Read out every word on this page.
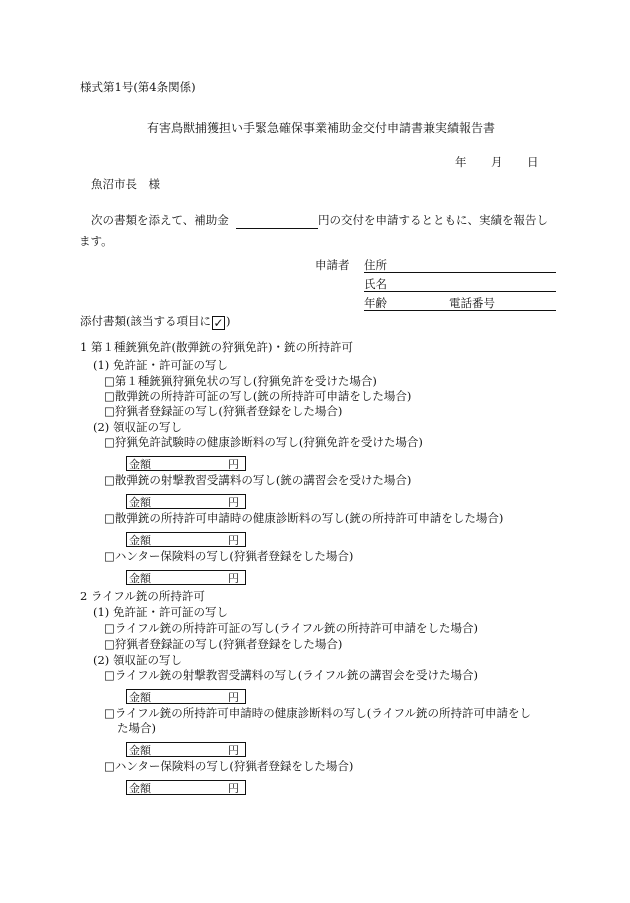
様式第1号(第4条関係)
有害鳥獣捕獲担い手緊急確保事業補助金交付申請書兼実績報告書
年 月 日
魚沼市長　様
次の書類を添えて、補助金	円の交付を申請するとともに、実績を報告し
ます。
申請者 住所
氏名
年齢	電話番号
添付書類(該当する項目に ✓ )
1 第１種銃猟免許(散弾銃の狩猟免許)・銃の所持許可
(1) 免許証・許可証の写し
□第１種銃猟狩猟免状の写し(狩猟免許を受けた場合)
□散弾銃の所持許可証の写し(銃の所持許可申請をした場合)
□狩猟者登録証の写し(狩猟者登録をした場合)
(2) 領収証の写し
□狩猟免許試験時の健康診断料の写し(狩猟免許を受けた場合)
金額	円
□散弾銃の射撃教習受講料の写し(銃の講習会を受けた場合)
金額	円
□散弾銃の所持許可申請時の健康診断料の写し(銃の所持許可申請をした場合)
金額	円
□ハンター保険料の写し(狩猟者登録をした場合)
金額	円
2 ライフル銃の所持許可
(1) 免許証・許可証の写し
□ライフル銃の所持許可証の写し(ライフル銃の所持許可申請をした場合)
□狩猟者登録証の写し(狩猟者登録をした場合)
(2) 領収証の写し
□ライフル銃の射撃教習受講料の写し(ライフル銃の講習会を受けた場合)
金額	円
□ライフル銃の所持許可申請時の健康診断料の写し(ライフル銃の所持許可申請をし
た場合)
金額	円
□ハンター保険料の写し(狩猟者登録をした場合)
金額	円
